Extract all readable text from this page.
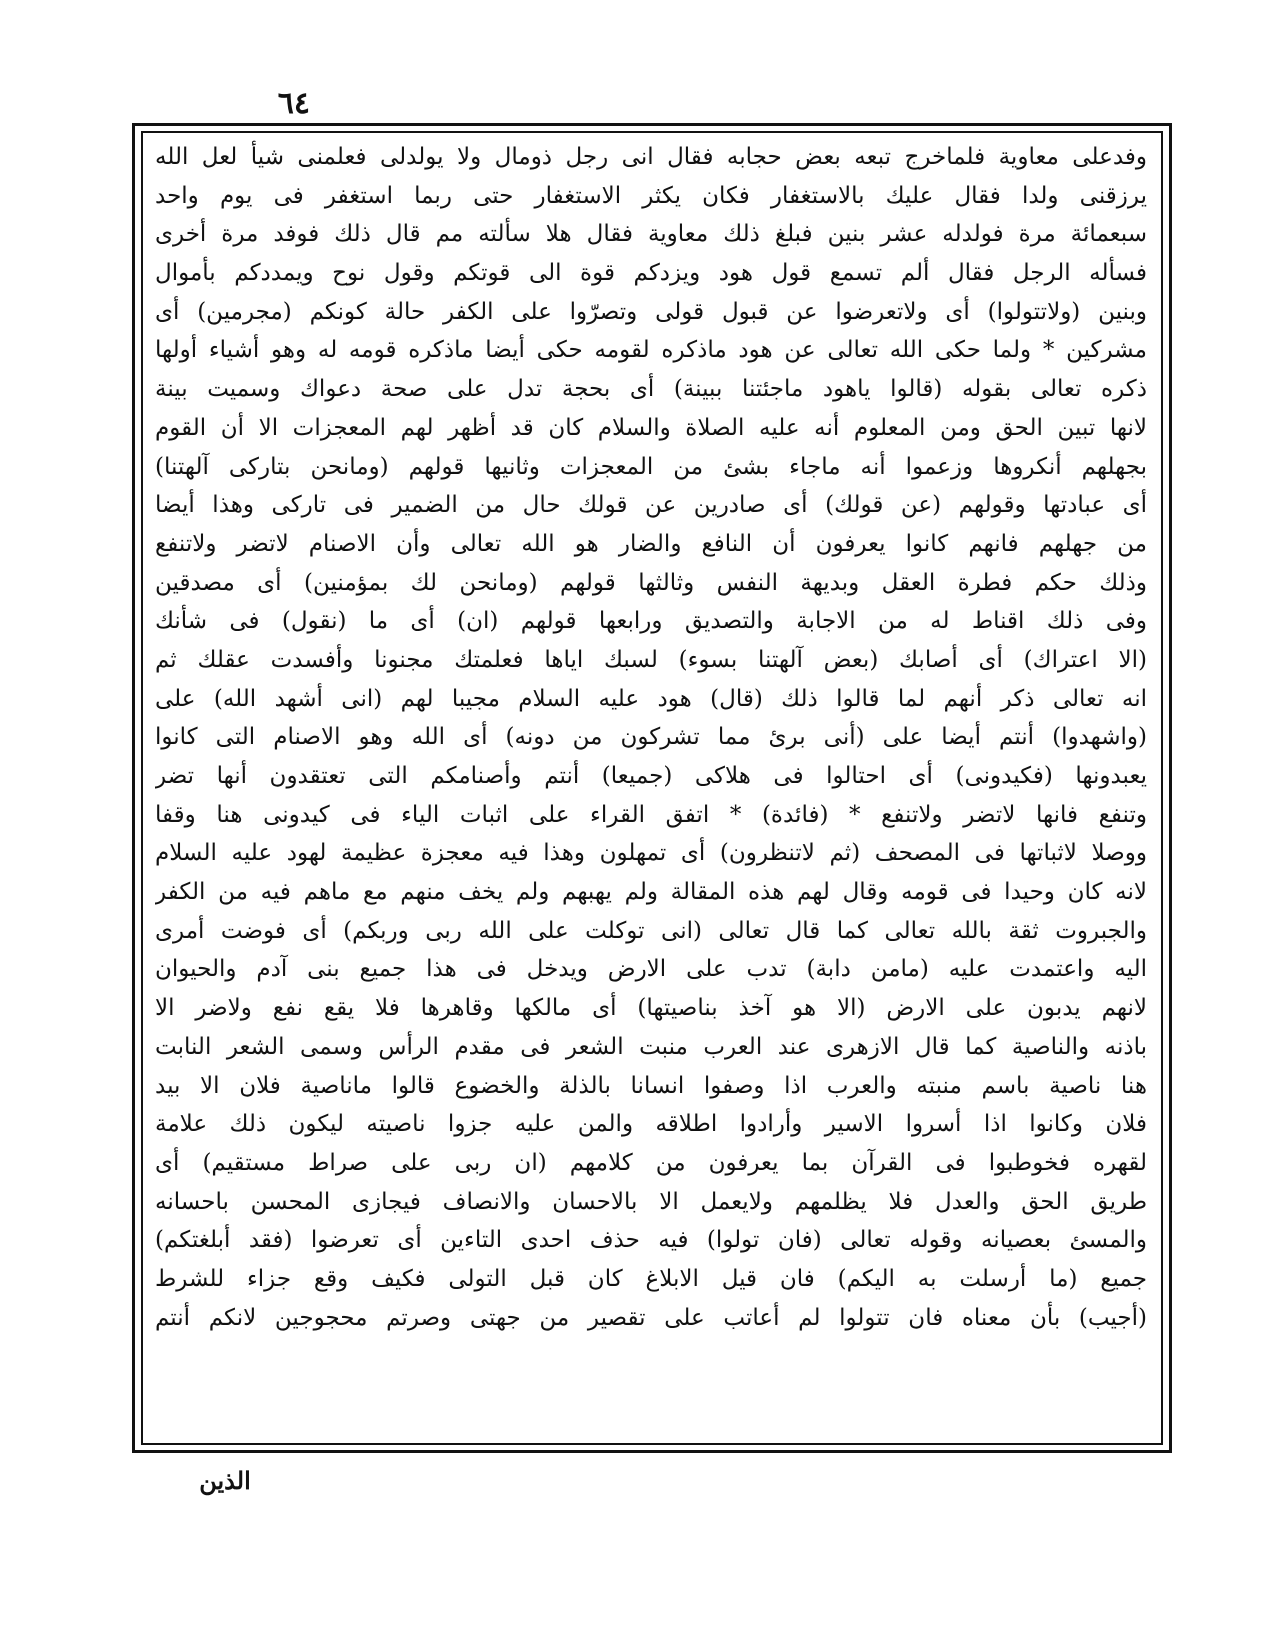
٦٤
وفدعلى معاوية فلماخرج تبعه بعض حجابه فقال انى رجل ذومال ولا يولدلى فعلمنى شيأ لعل الله
يرزقنى ولدا فقال عليك بالاستغفار فكان يكثر الاستغفار حتى ربما استغفر فى يوم واحد
سبعمائة مرة فولدله عشر بنين فبلغ ذلك معاوية فقال هلا سألته مم قال ذلك فوفد مرة أخرى
فسأله الرجل فقال ألم تسمع قول هود ويزدكم قوة الى قوتكم وقول نوح ويمددكم بأموال
وبنين (ولاتتولوا) أى ولاتعرضوا عن قبول قولى وتصرّوا على الكفر حالة كونكم (مجرمين) أى
مشركين * ولما حكى الله تعالى عن هود ماذكره لقومه حكى أيضا ماذكره قومه له وهو أشياء أولها
ذكره تعالى بقوله (قالوا ياهود ماجئتنا ببينة) أى بحجة تدل على صحة دعواك وسميت بينة
لانها تبين الحق ومن المعلوم أنه عليه الصلاة والسلام كان قد أظهر لهم المعجزات الا أن القوم
بجهلهم أنكروها وزعموا أنه ماجاء بشئ من المعجزات وثانيها قولهم (ومانحن بتاركى آلهتنا)
أى عبادتها وقولهم (عن قولك) أى صادرين عن قولك حال من الضمير فى تاركى وهذا أيضا
من جهلهم فانهم كانوا يعرفون أن النافع والضار هو الله تعالى وأن الاصنام لاتضر ولاتنفع
وذلك حكم فطرة العقل وبديهة النفس وثالثها قولهم (ومانحن لك بمؤمنين) أى مصدقين
وفى ذلك اقناط له من الاجابة والتصديق ورابعها قولهم (ان) أى ما (نقول) فى شأنك
(الا اعتراك) أى أصابك (بعض آلهتنا بسوء) لسبك اياها فعلمتك مجنونا وأفسدت عقلك ثم
انه تعالى ذكر أنهم لما قالوا ذلك (قال) هود عليه السلام مجيبا لهم (انى أشهد الله) على
(واشهدوا) أنتم أيضا على (أنى برئ مما تشركون من دونه) أى الله وهو الاصنام التى كانوا
يعبدونها (فكيدونى) أى احتالوا فى هلاكى (جميعا) أنتم وأصنامكم التى تعتقدون أنها تضر
وتنفع فانها لاتضر ولاتنفع * (فائدة) * اتفق القراء على اثبات الياء فى كيدونى هنا وقفا
ووصلا لاثباتها فى المصحف (ثم لاتنظرون) أى تمهلون وهذا فيه معجزة عظيمة لهود عليه السلام
لانه كان وحيدا فى قومه وقال لهم هذه المقالة ولم يهبهم ولم يخف منهم مع ماهم فيه من الكفر
والجبروت ثقة بالله تعالى كما قال تعالى (انى توكلت على الله ربى وربكم) أى فوضت أمرى
اليه واعتمدت عليه (مامن دابة) تدب على الارض ويدخل فى هذا جميع بنى آدم والحيوان
لانهم يدبون على الارض (الا هو آخذ بناصيتها) أى مالكها وقاهرها فلا يقع نفع ولاضر الا
باذنه والناصية كما قال الازهرى عند العرب منبت الشعر فى مقدم الرأس وسمى الشعر النابت
هنا ناصية باسم منبته والعرب اذا وصفوا انسانا بالذلة والخضوع قالوا ماناصية فلان الا بيد
فلان وكانوا اذا أسروا الاسير وأرادوا اطلاقه والمن عليه جزوا ناصيته ليكون ذلك علامة
لقهره فخوطبوا فى القرآن بما يعرفون من كلامهم (ان ربى على صراط مستقيم) أى
طريق الحق والعدل فلا يظلمهم ولايعمل الا بالاحسان والانصاف فيجازى المحسن باحسانه
والمسئ بعصيانه وقوله تعالى (فان تولوا) فيه حذف احدى التاءين أى تعرضوا (فقد أبلغتكم)
جميع (ما أرسلت به اليكم) فان قيل الابلاغ كان قبل التولى فكيف وقع جزاء للشرط
(أجيب) بأن معناه فان تتولوا لم أعاتب على تقصير من جهتى وصرتم محجوجين لانكم أنتم
الذين
